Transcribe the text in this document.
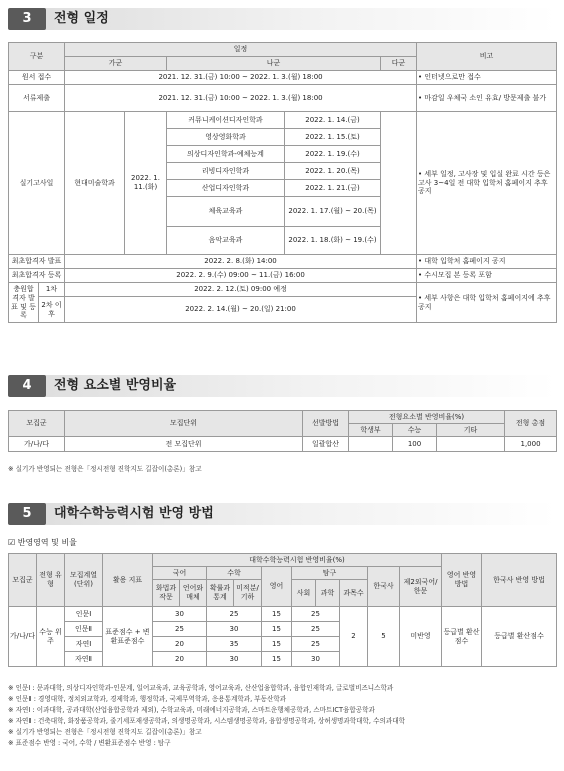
3	전형 일정
구분		일정					비고
		가군		나군		다군	
원서 접수		2021. 12. 31.(금) 10:00 ~ 2022. 1. 3.(월) 18:00					• 인터넷으로만 접수
서류제출		2021. 12. 31.(금) 10:00 ~ 2022. 1. 3.(월) 18:00					• 마감일 우체국 소인 유효/ 방문제출 불가
실기고사일		현대미술학과	2022. 1. 11.(화)	커뮤니케이션디자인학과	2022. 1. 14.(금)		• 세부 일정, 고사장 및 입실 완료 시간 등은 고사 3~4일 전 대학 입학처 홈페이지 추후 공지
				영상영화학과	2022. 1. 15.(토)		
				의상디자인학과-예체능계	2022. 1. 19.(수)		
				리빙디자인학과	2022. 1. 20.(목)		
				산업디자인학과	2022. 1. 21.(금)		
				체육교육과	2022. 1. 17.(월) ~ 20.(목)		
				음악교육과	2022. 1. 18.(화) ~ 19.(수)		
최초합격자 발표		2022. 2. 8.(화) 14:00					• 대학 입학처 홈페이지 공지
최초합격자 등록		2022. 2. 9.(수) 09:00 ~ 11.(금) 16:00					• 수시모집 본 등록 포함
충원합격자 발표 및 등록	1차	2022. 2. 12.(토) 09:00 예정					• 세부 사항은 대학 입학처 홈페이지에 추후 공지
	2차 이후	2022. 2. 14.(월) ~ 20.(일) 21:00					
4	전형 요소별 반영비율
모집군	모집단위	선발방법	전형요소별 반영비율(%)			전형 총점
			학생부	수능	기타	
가/나/다	전 모집단위	일괄합산		100		1,000
※ 실기가 반영되는 전형은「정시전형 진학지도 길잡이(총론)」참고
5	대학수학능력시험 반영 방법
☑ 반영영역 및 비율
모집군	전형 유형	모집계열 (단위)	활용 지표	대학수학능력시험 반영비율(%)										영어 반영 방법	한국사 반영 방법
				국어		수학		영어	탐구			한국사	제2외국어/ 한문		
				화법과 작문	언어와 매체	확률과 통계	미적분/ 기하		사회	과학	과목수				
가/나/다	수능 위주	인문Ⅰ	표준점수 + 변환표준점수	30		25		15	25		2	5	미반영	등급별 환산점수	등급별 환산점수
		인문Ⅱ		25		30		15	25						
		자연Ⅰ		20		35		15	25						
		자연Ⅱ		20		30		15	30						
※ 인문Ⅰ : 문과대학, 의상디자인학과-인문계, 일어교육과, 교육공학과, 영어교육과, 산산업융합학과, 융합인재학과, 글로벌비즈니스학과
※ 인문Ⅱ : 경영대학, 정치외교학과, 경제학과, 행정학과, 국제무역학과, 응용통계학과, 부동산학과
※ 자연Ⅰ : 이과대학, 공과대학(산업융합공학과 제외), 수학교육과, 미래에너지공학과, 스마트운행체공학과, 스마트ICT융합공학과
※ 자연Ⅱ : 건축대학, 화장품공학과, 줄기세포재생공학과, 의생명공학과, 시스템생명공학과, 융합생명공학과, 상허생명과학대학, 수의과대학
※ 실기가 반영되는 전형은「정시전형 진학지도 길잡이(총론)」참고
※ 표준점수 반영 : 국어, 수학 / 변환표준점수 반영 : 탐구
